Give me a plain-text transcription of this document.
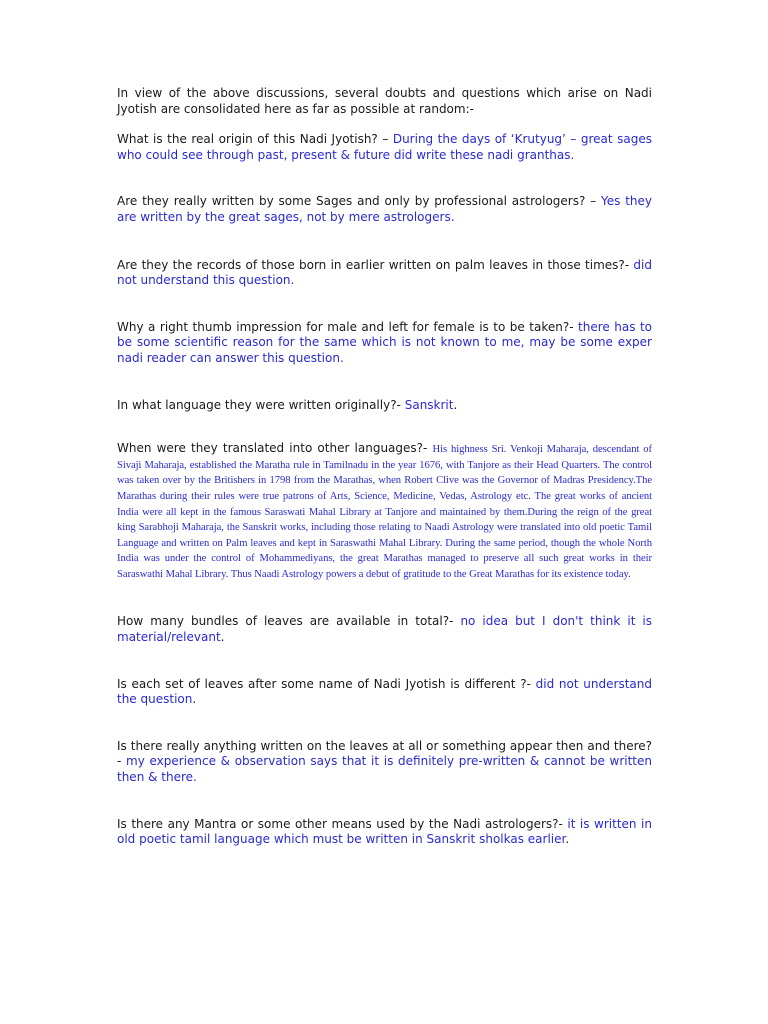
In view of the above discussions, several doubts and questions which arise on Nadi Jyotish are consolidated here as far as possible at random:-

What is the real origin of this Nadi Jyotish? – During the days of ‘Krutyug’ – great sages who could see through past, present & future did write these nadi granthas.

Are they really written by some Sages and only by professional astrologers? – Yes they are written by the great sages, not by mere astrologers.

Are they the records of those born in earlier written on palm leaves in those times?- did not understand this question.

Why a right thumb impression for male and left for female is to be taken?- there has to be some scientific reason for the same which is not known to me, may be some exper nadi reader can answer this question.

In what language they were written originally?- Sanskrit.

When were they translated into other languages?- His highness Sri. Venkoji Maharaja, descendant of Sivaji Maharaja, established the Maratha rule in Tamilnadu in the year 1676, with Tanjore as their Head Quarters. The control was taken over by the Britishers in 1798 from the Marathas, when Robert Clive was the Governor of Madras Presidency.The Marathas during their rules were true patrons of Arts, Science, Medicine, Vedas, Astrology etc. The great works of ancient India were all kept in the famous Saraswati Mahal Library at Tanjore and maintained by them.During the reign of the great king Sarabhoji Maharaja, the Sanskrit works, including those relating to Naadi Astrology were translated into old poetic Tamil Language and written on Palm leaves and kept in Saraswathi Mahal Library. During the same period, though the whole North India was under the control of Mohammediyans, the great Marathas managed to preserve all such great works in their Saraswathi Mahal Library. Thus Naadi Astrology powers a debut of gratitude to the Great Marathas for its existence today.

How many bundles of leaves are available in total?- no idea but I don't think it is material/relevant.

Is each set of leaves after some name of Nadi Jyotish is different ?- did not understand the question.

Is there really anything written on the leaves at all or something appear then and there?- my experience & observation says that it is definitely pre-written & cannot be written then & there.

Is there any Mantra or some other means used by the Nadi astrologers?- it is written in old poetic tamil language which must be written in Sanskrit sholkas earlier.
